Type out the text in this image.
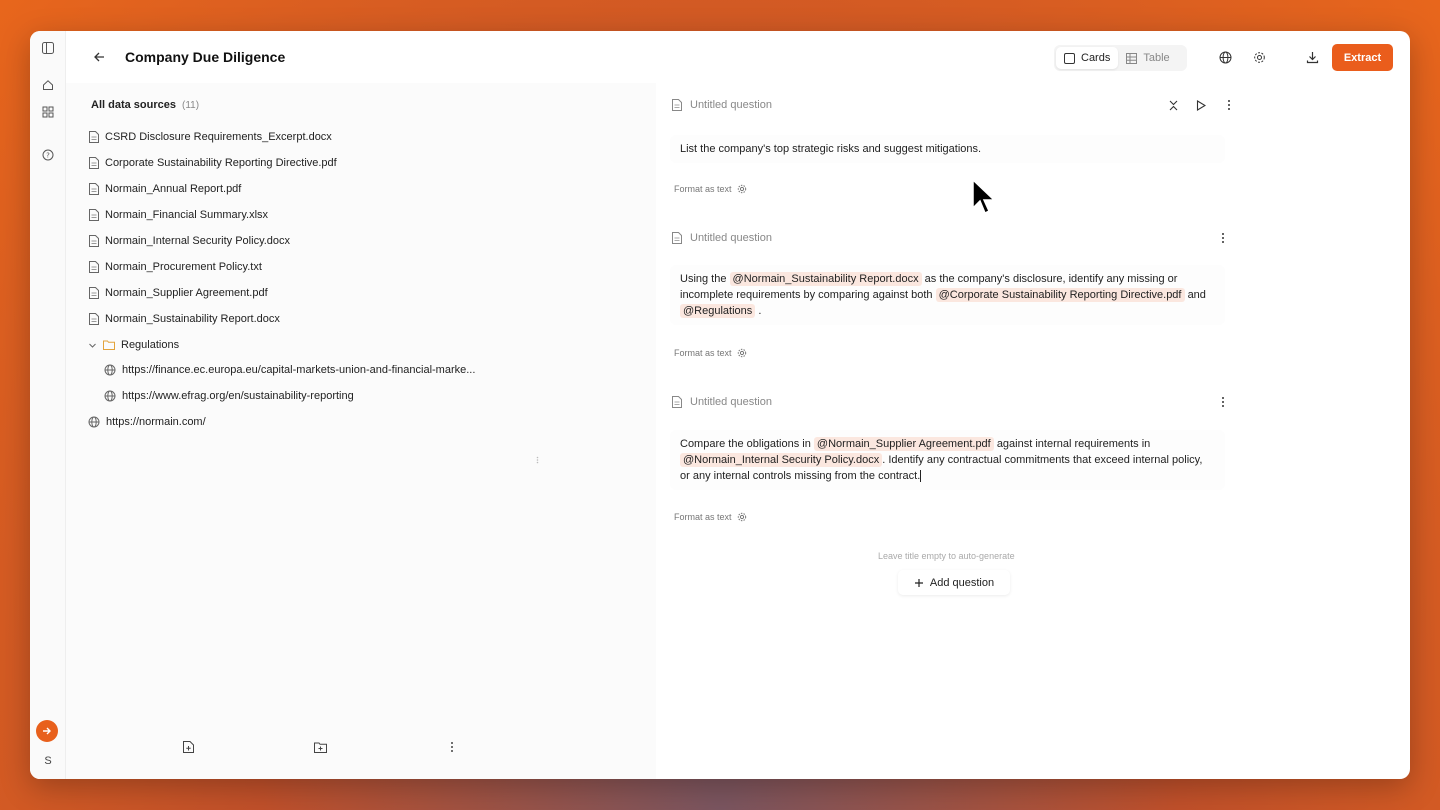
?
S
Company Due Diligence	Cards	Table	Extract
All data sources (11)
CSRD Disclosure Requirements_Excerpt.docx
Corporate Sustainability Reporting Directive.pdf
Normain_Annual Report.pdf
Normain_Financial Summary.xlsx
Normain_Internal Security Policy.docx
Normain_Procurement Policy.txt
Normain_Supplier Agreement.pdf
Normain_Sustainability Report.docx
Regulations
https://finance.ec.europa.eu/capital-markets-union-and-financial-marke...
https://www.efrag.org/en/sustainability-reporting
https://normain.com/
Untitled question
List the company's top strategic risks and suggest mitigations.
Format as text
Untitled question
Using the @Normain_Sustainability Report.docx as the company's disclosure, identify any missing or incomplete requirements by comparing against both @Corporate Sustainability Reporting Directive.pdf and @Regulations .
Format as text
Untitled question
Compare the obligations in @Normain_Supplier Agreement.pdf against internal requirements in @Normain_Internal Security Policy.docx . Identify any contractual commitments that exceed internal policy, or any internal controls missing from the contract.
Format as text
Leave title empty to auto-generate
Add question
